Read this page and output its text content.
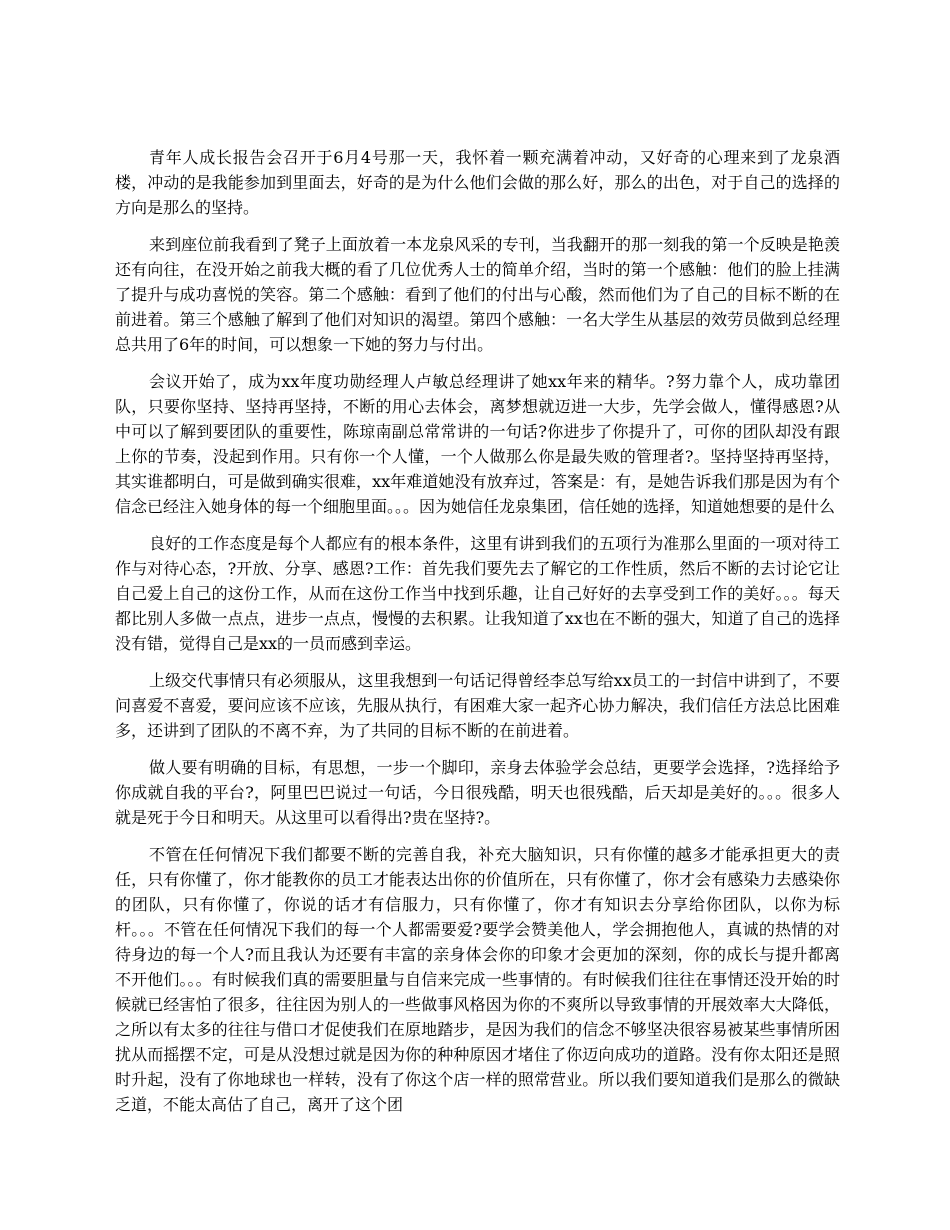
青年人成长报告会召开于6月4号那一天，我怀着一颗充满着冲动，又好奇的心理来到了龙泉酒楼，冲动的是我能参加到里面去，好奇的是为什么他们会做的那么好，那么的出色，对于自己的选择的方向是那么的坚持。

来到座位前我看到了凳子上面放着一本龙泉风采的专刊，当我翻开的那一刻我的第一个反映是艳羡还有向往，在没开始之前我大概的看了几位优秀人士的简单介绍，当时的第一个感触：他们的脸上挂满了提升与成功喜悦的笑容。第二个感触：看到了他们的付出与心酸，然而他们为了自己的目标不断的在前进着。第三个感触了解到了他们对知识的渴望。第四个感触：一名大学生从基层的效劳员做到总经理总共用了6年的时间，可以想象一下她的努力与付出。

会议开始了，成为xx年度功勋经理人卢敏总经理讲了她xx年来的精华。?努力靠个人，成功靠团队，只要你坚持、坚持再坚持，不断的用心去体会，离梦想就迈进一大步，先学会做人，懂得感恩?从中可以了解到要团队的重要性，陈琼南副总常常讲的一句话?你进步了你提升了，可你的团队却没有跟上你的节奏，没起到作用。只有你一个人懂，一个人做那么你是最失败的管理者?。坚持坚持再坚持，其实谁都明白，可是做到确实很难，xx年难道她没有放弃过，答案是：有，是她告诉我们那是因为有个信念已经注入她身体的每一个细胞里面。。。因为她信任龙泉集团，信任她的选择，知道她想要的是什么

良好的工作态度是每个人都应有的根本条件，这里有讲到我们的五项行为准那么里面的一项对待工作与对待心态，?开放、分享、感恩?工作：首先我们要先去了解它的工作性质，然后不断的去讨论它让自己爱上自己的这份工作，从而在这份工作当中找到乐趣，让自己好好的去享受到工作的美好。。。每天都比别人多做一点点，进步一点点，慢慢的去积累。让我知道了xx也在不断的强大，知道了自己的选择没有错，觉得自己是xx的一员而感到幸运。

上级交代事情只有必须服从，这里我想到一句话记得曾经李总写给xx员工的一封信中讲到了，不要问喜爱不喜爱，要问应该不应该，先服从执行，有困难大家一起齐心协力解决，我们信任方法总比困难多，还讲到了团队的不离不弃，为了共同的目标不断的在前进着。

做人要有明确的目标，有思想，一步一个脚印，亲身去体验学会总结，更要学会选择，?选择给予你成就自我的平台?，阿里巴巴说过一句话，今日很残酷，明天也很残酷，后天却是美好的。。。很多人就是死于今日和明天。从这里可以看得出?贵在坚持?。

不管在任何情况下我们都要不断的完善自我，补充大脑知识，只有你懂的越多才能承担更大的责任，只有你懂了，你才能教你的员工才能表达出你的价值所在，只有你懂了，你才会有感染力去感染你的团队，只有你懂了，你说的话才有信服力，只有你懂了，你才有知识去分享给你团队，以你为标杆。。。不管在任何情况下我们的每一个人都需要爱?要学会赞美他人，学会拥抱他人，真诚的热情的对待身边的每一个人?而且我认为还要有丰富的亲身体会你的印象才会更加的深刻，你的成长与提升都离不开他们。。。有时候我们真的需要胆量与自信来完成一些事情的。有时候我们往往在事情还没开始的时候就已经害怕了很多，往往因为别人的一些做事风格因为你的不爽所以导致事情的开展效率大大降低，之所以有太多的往往与借口才促使我们在原地踏步，是因为我们的信念不够坚决很容易被某些事情所困扰从而摇摆不定，可是从没想过就是因为你的种种原因才堵住了你迈向成功的道路。没有你太阳还是照时升起，没有了你地球也一样转，没有了你这个店一样的照常营业。所以我们要知道我们是那么的微缺乏道，不能太高估了自己，离开了这个团
